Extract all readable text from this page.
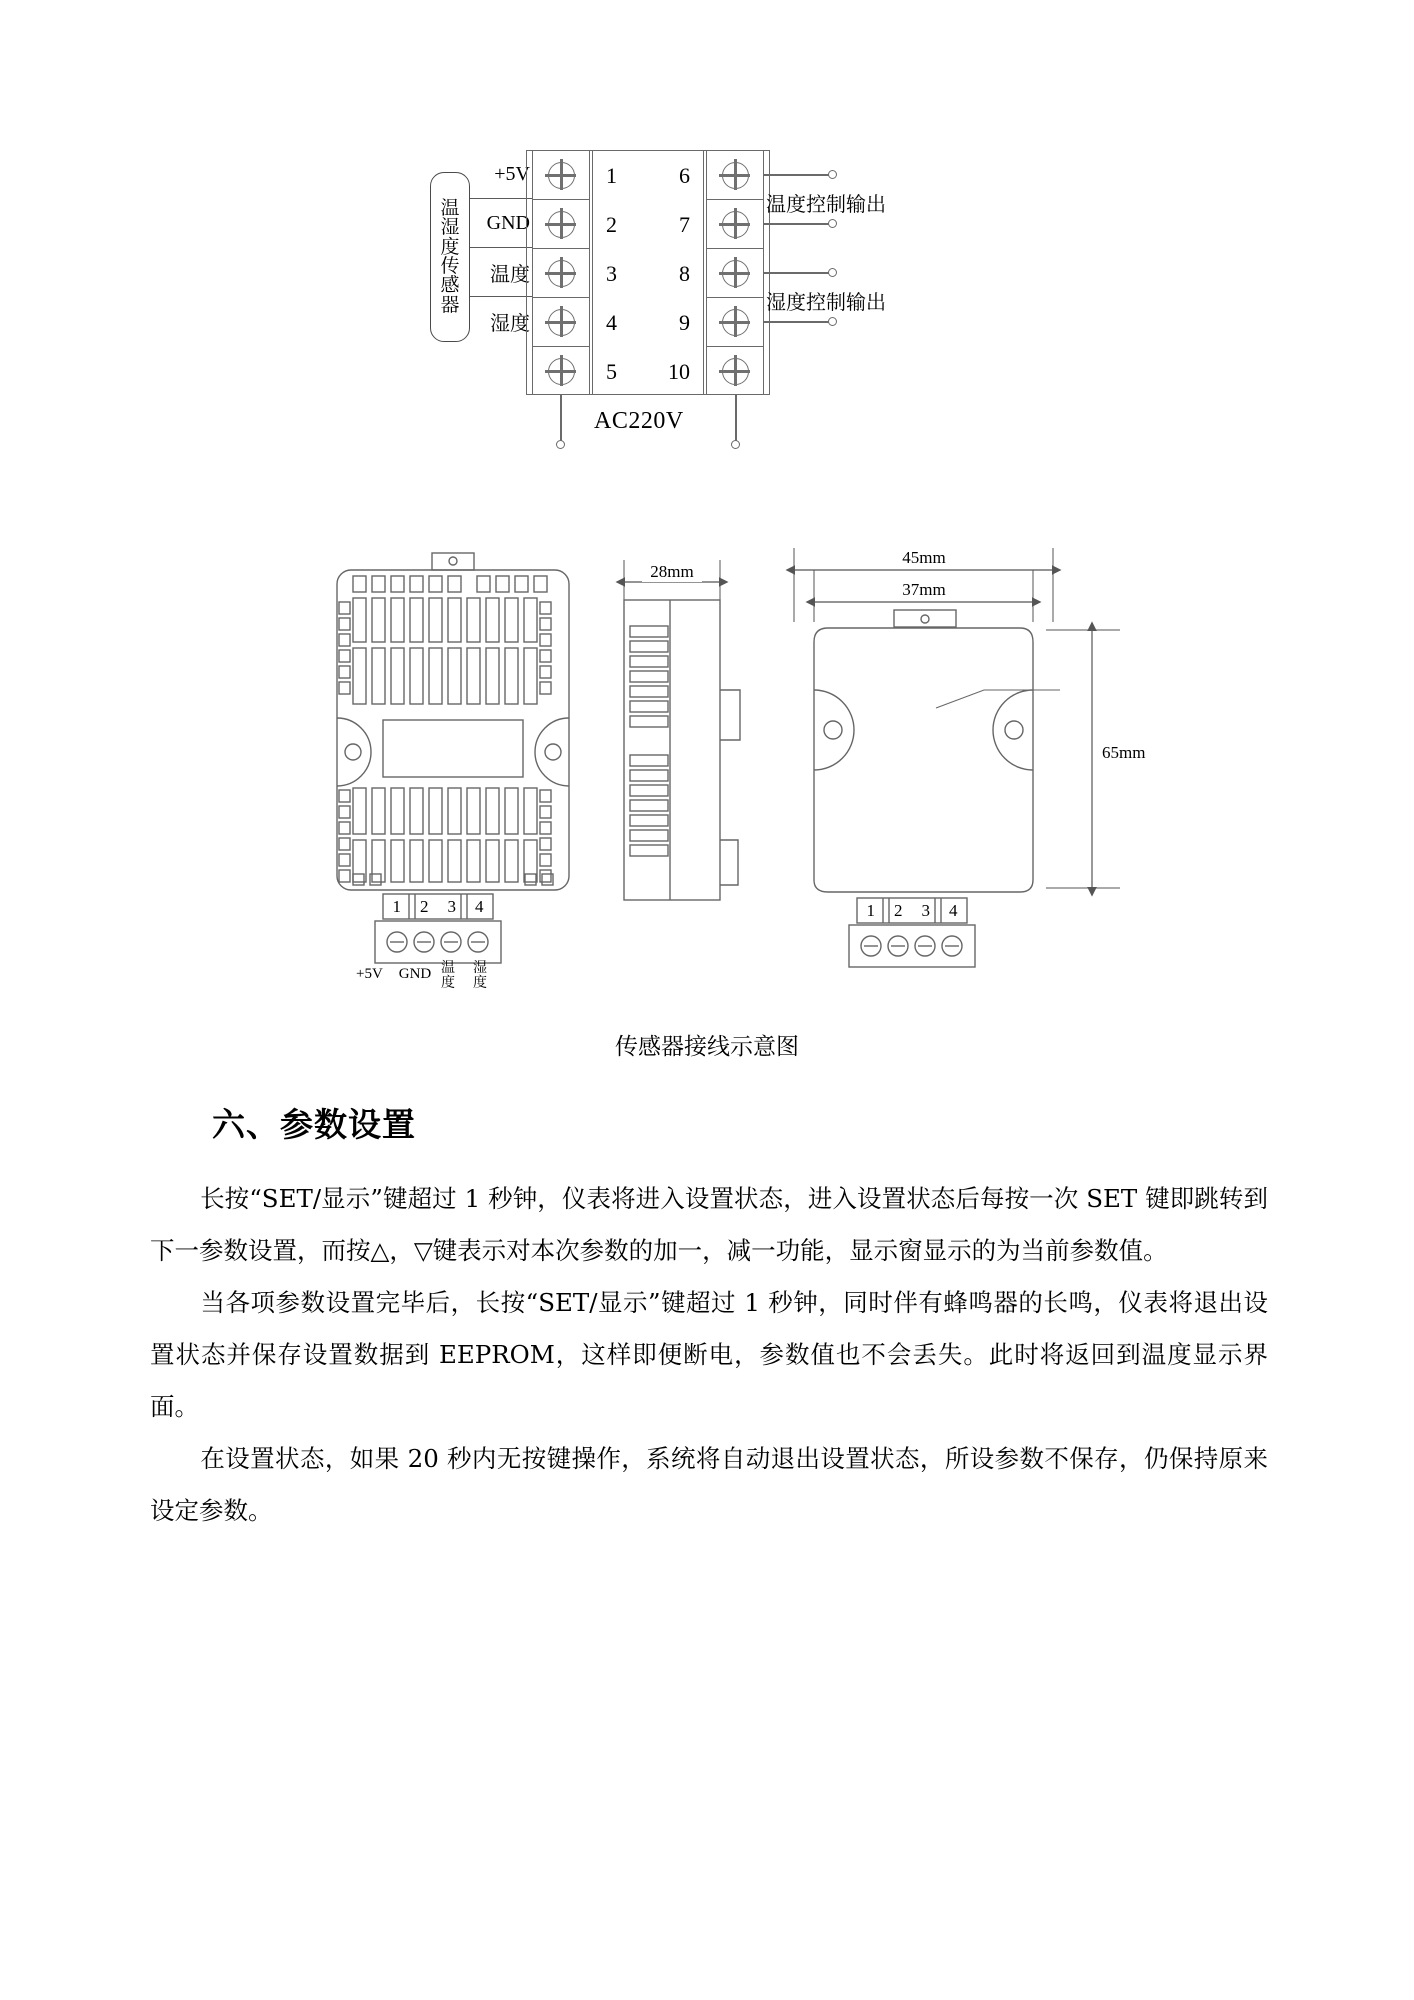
温
湿
度
传
感
器
+5V
GND
温度
湿度
1	6
2	7
3	8
4	9
5 10
温度控制输出
湿度控制输出
AC220V
28mm
45mm
37mm
65mm
1 2 3 4
+5V GND 温度
湿度
1 2 3 4
传感器接线示意图
六、参数设置

长按“SET/显示”键超过 1 秒钟，仪表将进入设置状态，进入设置状态后每按一次 SET 键即跳转到下一参数设置，而按△，▽键表示对本次参数的加一，减一功能，显示窗显示的为当前参数值。

当各项参数设置完毕后，长按“SET/显示”键超过 1 秒钟，同时伴有蜂鸣器的长鸣，仪表将退出设置状态并保存设置数据到 EEPROM，这样即便断电，参数值也不会丢失。此时将返回到温度显示界面。

在设置状态，如果 20 秒内无按键操作，系统将自动退出设置状态，所设参数不保存，仍保持原来设定参数。
